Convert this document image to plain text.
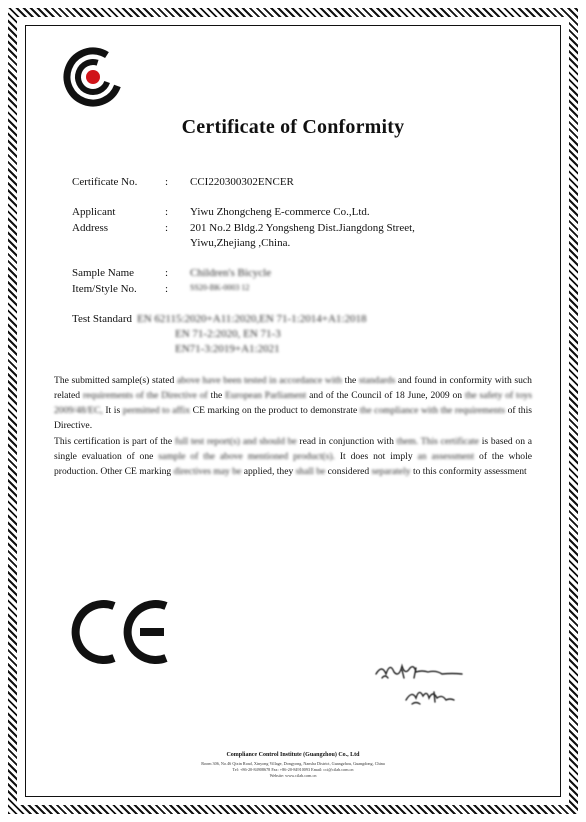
Certificate of Conformity
Certificate No.	: CCI220300302ENCER
Applicant	: Yiwu Zhongcheng E-commerce Co.,Ltd.
Address	: 201 No.2 Bldg.2 Yongsheng Dist.Jiangdong Street,
Yiwu,Zhejiang ,China.
Sample Name	: Children's Bicycle
Item/Style No.	:	SS20-BK-0003 12
Test Standard EN 62115:2020+A11:2020,EN 71-1:2014+A1:2018
EN 71-2:2020, EN 71-3
EN71-3:2019+A1:2021
The submitted sample(s) stated above have been tested in accordance with the standards and found in conformity with such related requirements of the Directive of the European Parliament and of the Council of 18 June, 2009 on the safety of toys 2009/48/EC, It is permitted to affix CE marking on the product to demonstrate the compliance with the requirements of this Directive.
This certification is part of the full test report(s) and should be read in conjunction with them. This certificate is based on a single evaluation of one sample of the above mentioned product(s). It does not imply an assessment of the whole production. Other CE marking directives may be applied, they shall be considered separately to this conformity assessment
Compliance Control Institute (Guangzhou) Co., Ltd
Room 306, No.46 Qixin Road, Xinyong Village, Dongyong, Nansha District, Guangzhou, Guangdong, China
Tel: +86-20-84908678 Fax: +86-20-84910093 Email: cci@cilab.com.cn
Website: www.cilab.com.cn
